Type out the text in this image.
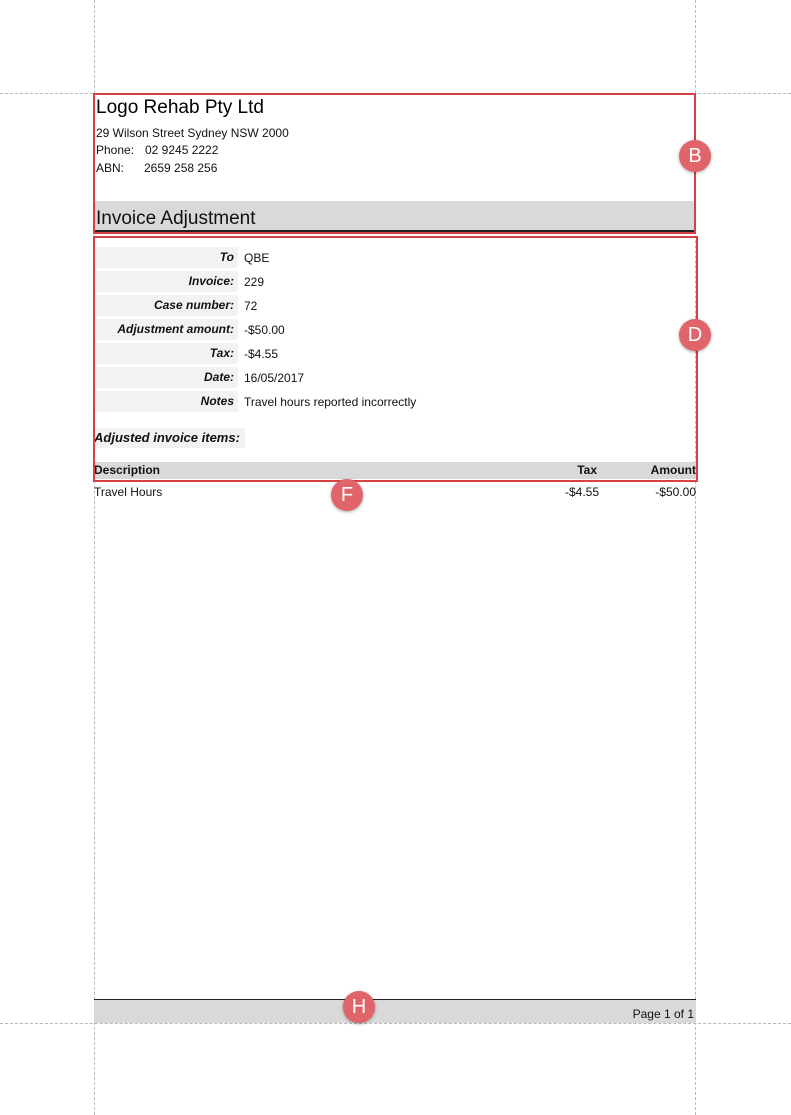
Logo Rehab Pty Ltd
29 Wilson Street Sydney NSW 2000
Phone: 02 9245 2222
ABN: 2659 258 256
Invoice Adjustment
To QBE
Invoice: 229
Case number: 72
Adjustment amount: -$50.00
Tax: -$4.55
Date: 16/05/2017
Notes Travel hours reported incorrectly
Adjusted invoice items:
Description	Tax	Amount
Travel Hours	-$4.55	-$50.00
Page 1 of 1
B
D
F
H
